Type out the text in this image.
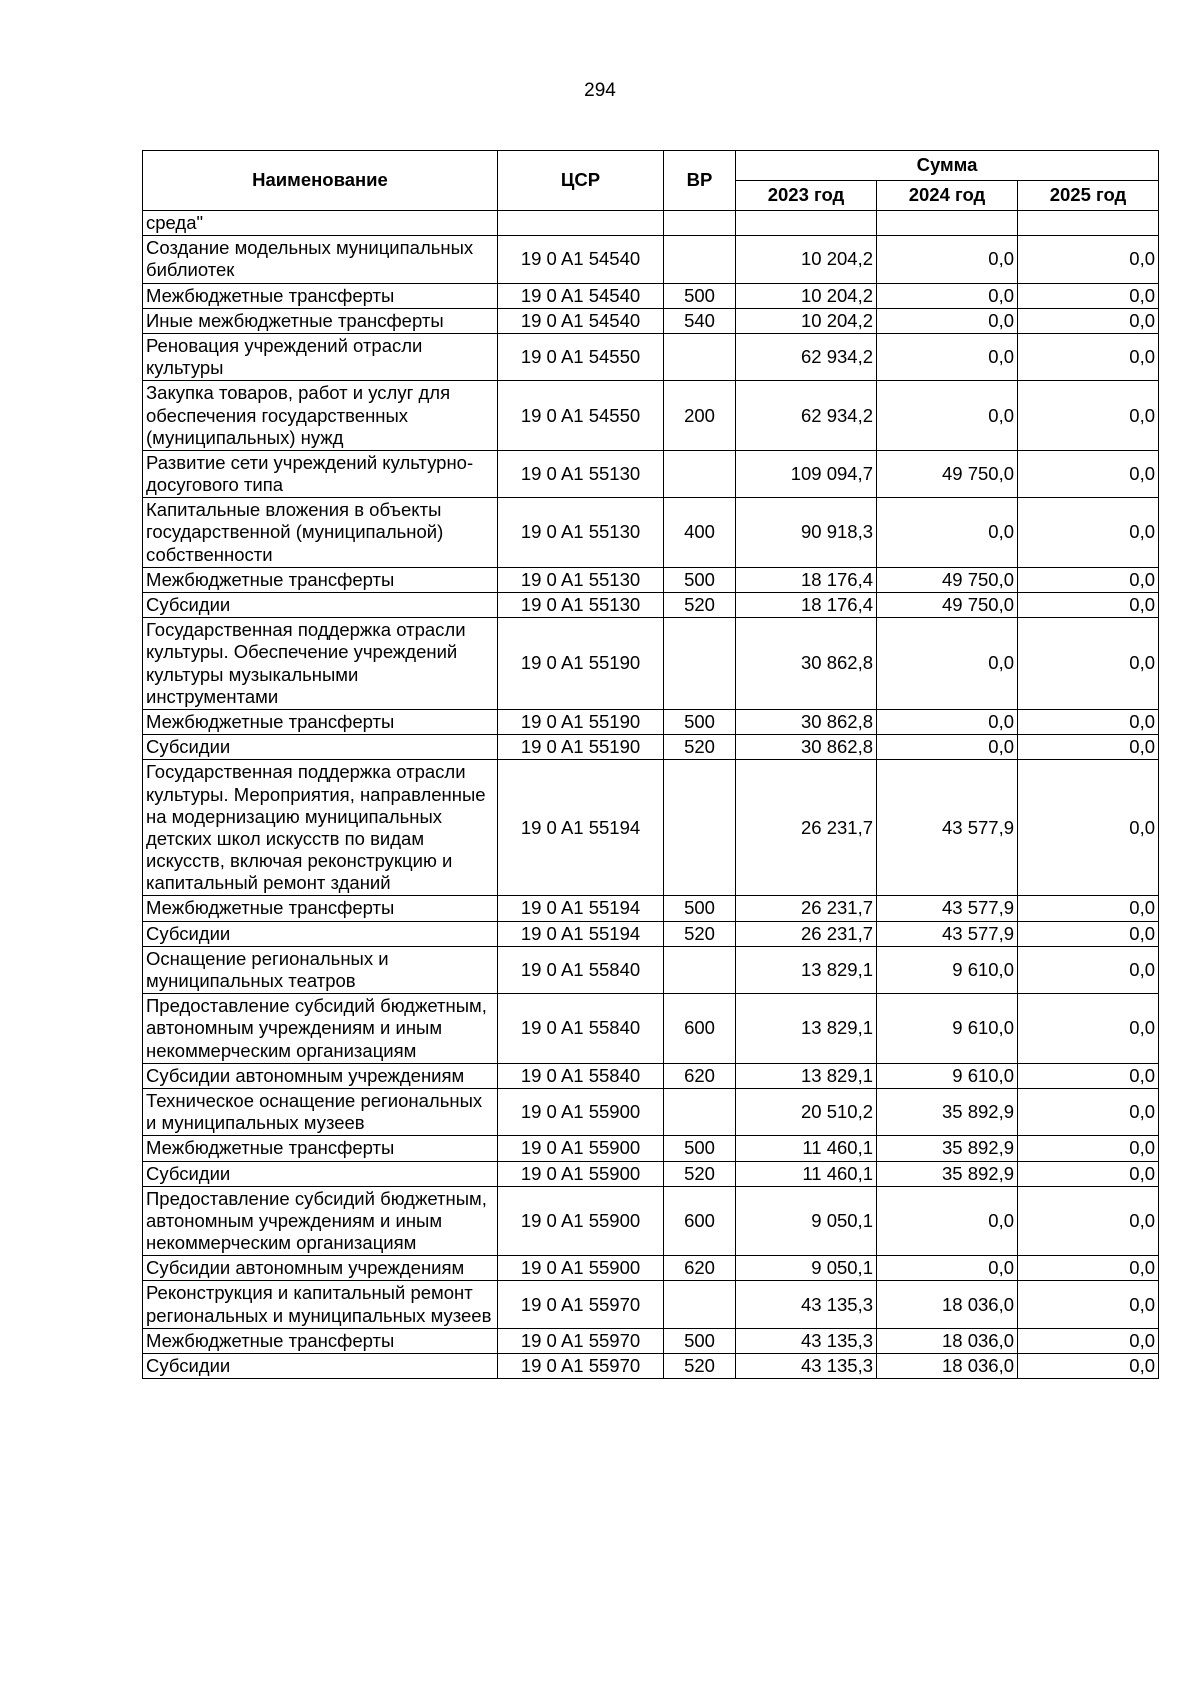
294
Наименование	ЦСР	ВР	Сумма		
			2023 год	2024 год	2025 год
среда"					
Создание модельных муниципальных библиотек	19 0 A1 54540		10 204,2	0,0	0,0
Межбюджетные трансферты	19 0 A1 54540	500	10 204,2	0,0	0,0
Иные межбюджетные трансферты	19 0 A1 54540	540	10 204,2	0,0	0,0
Реновация учреждений отрасли культуры	19 0 A1 54550		62 934,2	0,0	0,0
Закупка товаров, работ и услуг для обеспечения государственных (муниципальных) нужд	19 0 A1 54550	200	62 934,2	0,0	0,0
Развитие сети учреждений культурно-досугового типа	19 0 A1 55130		109 094,7	49 750,0	0,0
Капитальные вложения в объекты государственной (муниципальной) собственности	19 0 A1 55130	400	90 918,3	0,0	0,0
Межбюджетные трансферты	19 0 A1 55130	500	18 176,4	49 750,0	0,0
Субсидии	19 0 A1 55130	520	18 176,4	49 750,0	0,0
Государственная поддержка отрасли культуры. Обеспечение учреждений культуры музыкальными инструментами	19 0 A1 55190		30 862,8	0,0	0,0
Межбюджетные трансферты	19 0 A1 55190	500	30 862,8	0,0	0,0
Субсидии	19 0 A1 55190	520	30 862,8	0,0	0,0
Государственная поддержка отрасли культуры. Мероприятия, направленные на модернизацию муниципальных детских школ искусств по видам искусств, включая реконструкцию и капитальный ремонт зданий	19 0 A1 55194		26 231,7	43 577,9	0,0
Межбюджетные трансферты	19 0 A1 55194	500	26 231,7	43 577,9	0,0
Субсидии	19 0 A1 55194	520	26 231,7	43 577,9	0,0
Оснащение региональных и муниципальных театров	19 0 A1 55840		13 829,1	9 610,0	0,0
Предоставление субсидий бюджетным, автономным учреждениям и иным некоммерческим организациям	19 0 A1 55840	600	13 829,1	9 610,0	0,0
Субсидии автономным учреждениям	19 0 A1 55840	620	13 829,1	9 610,0	0,0
Техническое оснащение региональных и муниципальных музеев	19 0 A1 55900		20 510,2	35 892,9	0,0
Межбюджетные трансферты	19 0 A1 55900	500	11 460,1	35 892,9	0,0
Субсидии	19 0 A1 55900	520	11 460,1	35 892,9	0,0
Предоставление субсидий бюджетным, автономным учреждениям и иным некоммерческим организациям	19 0 A1 55900	600	9 050,1	0,0	0,0
Субсидии автономным учреждениям	19 0 A1 55900	620	9 050,1	0,0	0,0
Реконструкция и капитальный ремонт региональных и муниципальных музеев	19 0 A1 55970		43 135,3	18 036,0	0,0
Межбюджетные трансферты	19 0 A1 55970	500	43 135,3	18 036,0	0,0
Субсидии	19 0 A1 55970	520	43 135,3	18 036,0	0,0
